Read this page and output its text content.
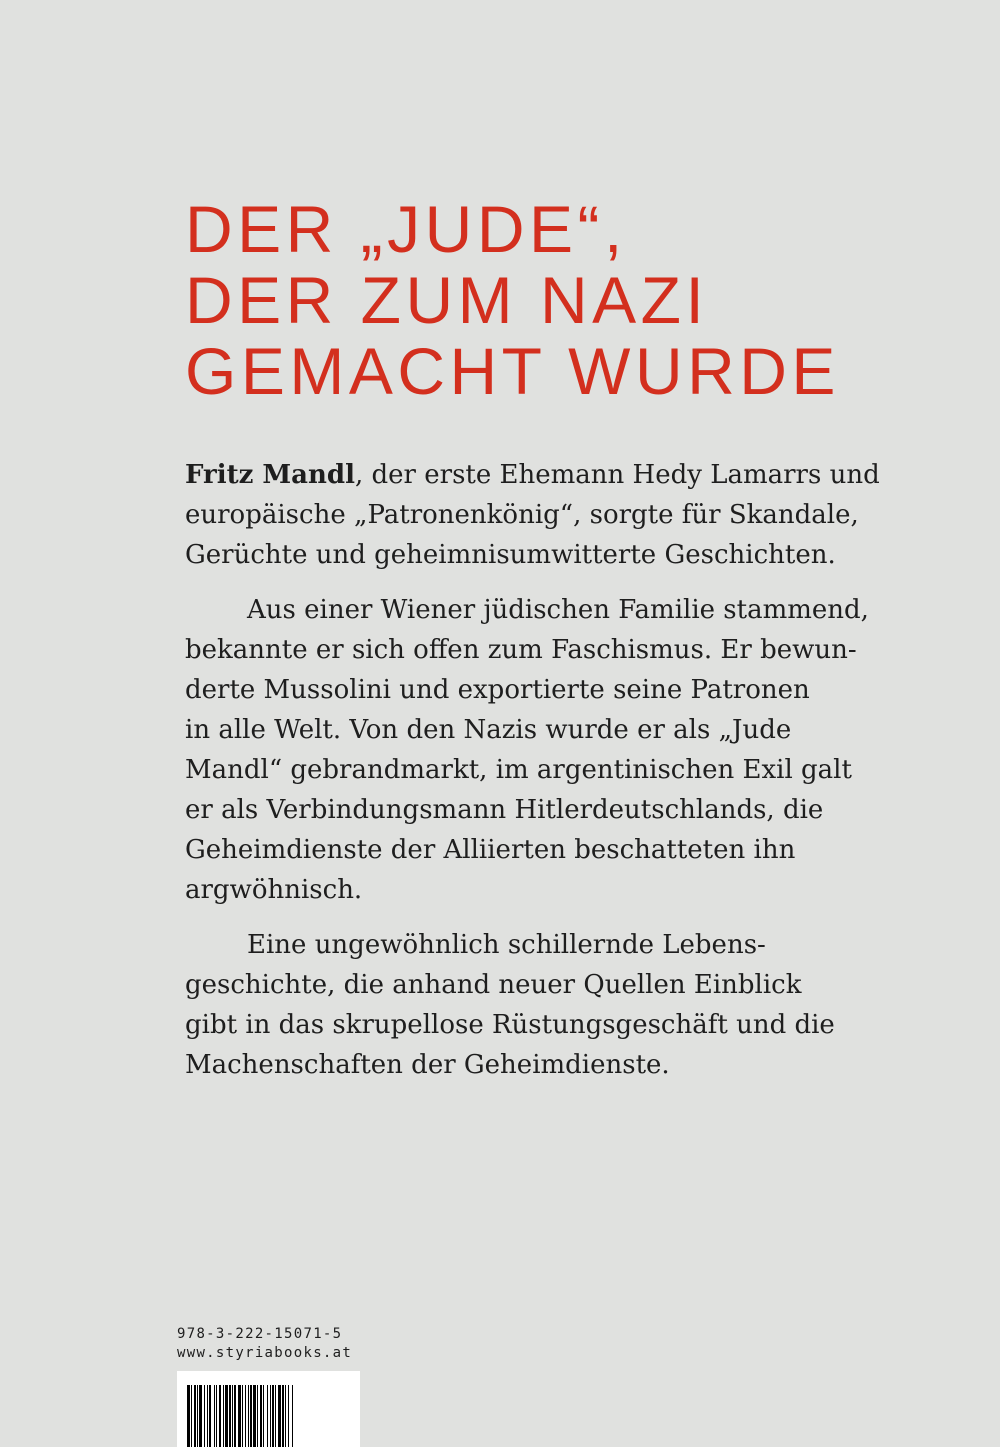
DER „JUDE“,
DER ZUM NAZI
GEMACHT WURDE

Fritz Mandl, der erste Ehemann Hedy Lamarrs und
europäische „Patronenkönig“, sorgte für Skandale,
Gerüchte und geheimnisumwitterte Geschichten.

Aus einer Wiener jüdischen Familie stammend,
bekannte er sich offen zum Faschismus. Er bewun-
derte Mussolini und exportierte seine Patronen
in alle Welt. Von den Nazis wurde er als „Jude
Mandl“ gebrandmarkt, im argentinischen Exil galt
er als Verbindungsmann Hitlerdeutschlands, die
Geheimdienste der Alliierten beschatteten ihn
argwöhnisch.

Eine ungewöhnlich schillernde Lebens-
geschichte, die anhand neuer Quellen Einblick
gibt in das skrupellose Rüstungsgeschäft und die
Machenschaften der Geheimdienste.

978-3-222-15071-5
www.styriabooks.at
